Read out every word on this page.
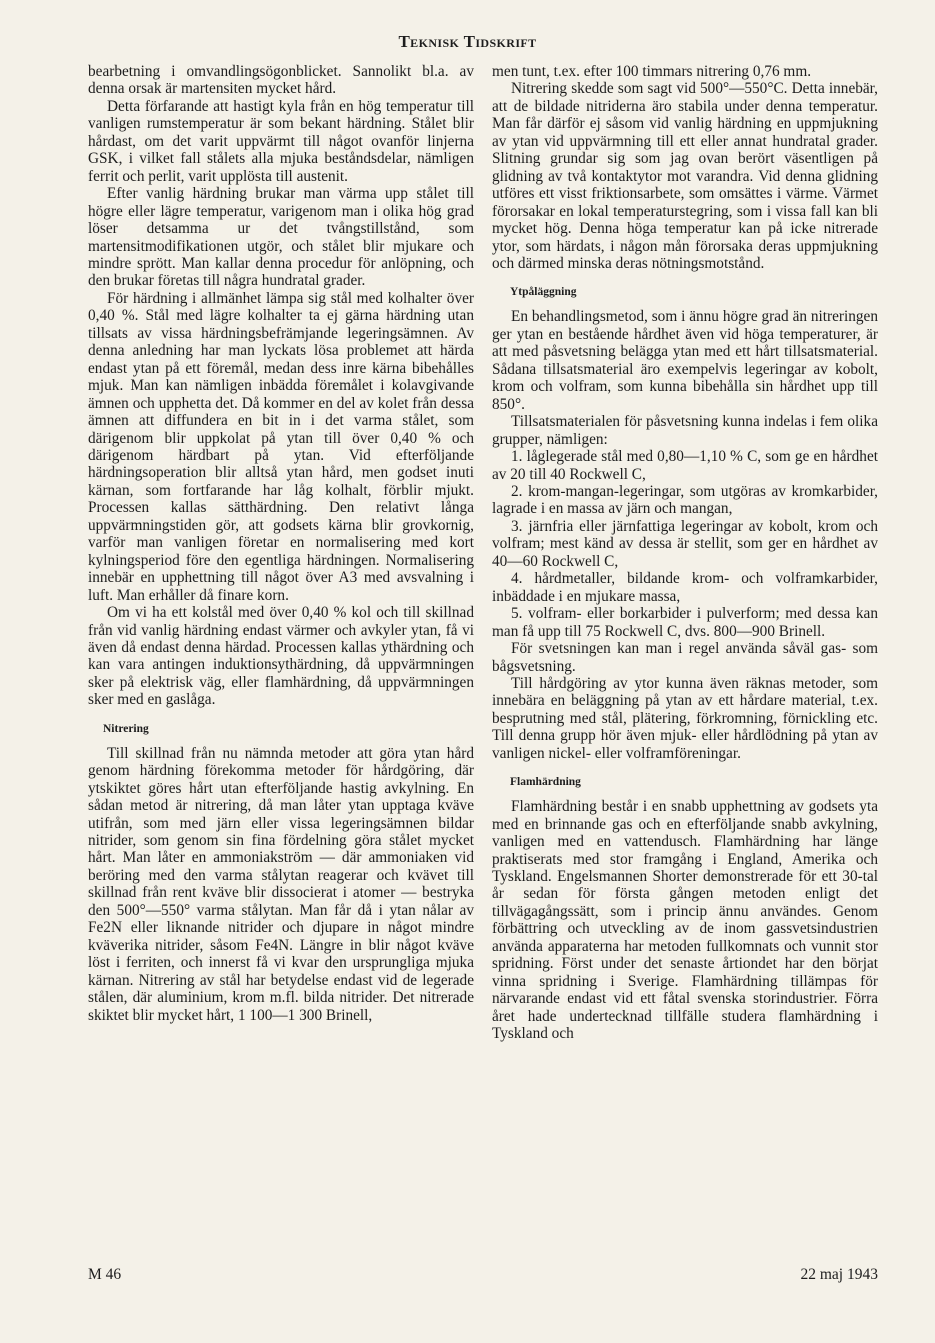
Teknisk Tidskrift

bearbetning i omvandlingsögonblicket. Sannolikt bl.a. av denna orsak är martensiten mycket hård.

Detta förfarande att hastigt kyla från en hög temperatur till vanligen rumstemperatur är som bekant härdning. Stålet blir hårdast, om det varit uppvärmt till något ovanför linjerna GSK, i vilket fall stålets alla mjuka beståndsdelar, nämligen ferrit och perlit, varit upplösta till austenit.

Efter vanlig härdning brukar man värma upp stålet till högre eller lägre temperatur, varigenom man i olika hög grad löser detsamma ur det tvångstillstånd, som martensitmodifikationen utgör, och stålet blir mjukare och mindre sprött. Man kallar denna procedur för anlöpning, och den brukar företas till några hundratal grader.

För härdning i allmänhet lämpa sig stål med kolhalter över 0,40 %. Stål med lägre kolhalter ta ej gärna härdning utan tillsats av vissa härdningsbefrämjande legeringsämnen. Av denna anledning har man lyckats lösa problemet att härda endast ytan på ett föremål, medan dess inre kärna bibehålles mjuk. Man kan nämligen inbädda föremålet i kolavgivande ämnen och upphetta det. Då kommer en del av kolet från dessa ämnen att diffundera en bit in i det varma stålet, som därigenom blir uppkolat på ytan till över 0,40 % och därigenom härdbart på ytan. Vid efterföljande härdningsoperation blir alltså ytan hård, men godset inuti kärnan, som fortfarande har låg kolhalt, förblir mjukt. Processen kallas sätthärdning. Den relativt långa uppvärmningstiden gör, att godsets kärna blir grovkornig, varför man vanligen företar en normalisering med kort kylningsperiod före den egentliga härdningen. Normalisering innebär en upphettning till något över A3 med avsvalning i luft. Man erhåller då finare korn.

Om vi ha ett kolstål med över 0,40 % kol och till skillnad från vid vanlig härdning endast värmer och avkyler ytan, få vi även då endast denna härdad. Processen kallas ythärdning och kan vara antingen induktionsythärdning, då uppvärmningen sker på elektrisk väg, eller flamhärdning, då uppvärmningen sker med en gaslåga.

Nitrering

Till skillnad från nu nämnda metoder att göra ytan hård genom härdning förekomma metoder för hårdgöring, där ytskiktet göres hårt utan efterföljande hastig avkylning. En sådan metod är nitrering, då man låter ytan upptaga kväve utifrån, som med järn eller vissa legeringsämnen bildar nitrider, som genom sin fina fördelning göra stålet mycket hårt. Man låter en ammoniakström — där ammoniaken vid beröring med den varma stålytan reagerar och kvävet till skillnad från rent kväve blir dissocierat i atomer — bestryka den 500°—550° varma stålytan. Man får då i ytan nålar av Fe2N eller liknande nitrider och djupare in något mindre kväverika nitrider, såsom Fe4N. Längre in blir något kväve löst i ferriten, och innerst få vi kvar den ursprungliga mjuka kärnan. Nitrering av stål har betydelse endast vid de legerade stålen, där aluminium, krom m.fl. bilda nitrider. Det nitrerade skiktet blir mycket hårt, 1 100—1 300 Brinell,

men tunt, t.ex. efter 100 timmars nitrering 0,76 mm.

Nitrering skedde som sagt vid 500°—550°C. Detta innebär, att de bildade nitriderna äro stabila under denna temperatur. Man får därför ej såsom vid vanlig härdning en uppmjukning av ytan vid uppvärmning till ett eller annat hundratal grader. Slitning grundar sig som jag ovan berört väsentligen på glidning av två kontaktytor mot varandra. Vid denna glidning utföres ett visst friktionsarbete, som omsättes i värme. Värmet förorsakar en lokal temperaturstegring, som i vissa fall kan bli mycket hög. Denna höga temperatur kan på icke nitrerade ytor, som härdats, i någon mån förorsaka deras uppmjukning och därmed minska deras nötningsmotstånd.

Ytpåläggning

En behandlingsmetod, som i ännu högre grad än nitreringen ger ytan en bestående hårdhet även vid höga temperaturer, är att med påsvetsning belägga ytan med ett hårt tillsatsmaterial. Sådana tillsatsmaterial äro exempelvis legeringar av kobolt, krom och volfram, som kunna bibehålla sin hårdhet upp till 850°.

Tillsatsmaterialen för påsvetsning kunna indelas i fem olika grupper, nämligen:

1. låglegerade stål med 0,80—1,10 % C, som ge en hårdhet av 20 till 40 Rockwell C,

2. krom-mangan-legeringar, som utgöras av kromkarbider, lagrade i en massa av järn och mangan,

3. järnfria eller järnfattiga legeringar av kobolt, krom och volfram; mest känd av dessa är stellit, som ger en hårdhet av 40—60 Rockwell C,

4. hårdmetaller, bildande krom- och volframkarbider, inbäddade i en mjukare massa,

5. volfram- eller borkarbider i pulverform; med dessa kan man få upp till 75 Rockwell C, dvs. 800—900 Brinell.

För svetsningen kan man i regel använda såväl gas- som bågsvetsning.

Till hårdgöring av ytor kunna även räknas metoder, som innebära en beläggning på ytan av ett hårdare material, t.ex. besprutning med stål, plätering, förkromning, förnickling etc. Till denna grupp hör även mjuk- eller hårdlödning på ytan av vanligen nickel- eller volframföreningar.

Flamhärdning

Flamhärdning består i en snabb upphettning av godsets yta med en brinnande gas och en efterföljande snabb avkylning, vanligen med en vattendusch. Flamhärdning har länge praktiserats med stor framgång i England, Amerika och Tyskland. Engelsmannen Shorter demonstrerade för ett 30-tal år sedan för första gången metoden enligt det tillvägagångssätt, som i princip ännu användes. Genom förbättring och utveckling av de inom gassvetsindustrien använda apparaterna har metoden fullkomnats och vunnit stor spridning. Först under det senaste årtiondet har den börjat vinna spridning i Sverige. Flamhärdning tillämpas för närvarande endast vid ett fåtal svenska storindustrier. Förra året hade undertecknad tillfälle studera flamhärdning i Tyskland och

M 46	22 maj 1943
